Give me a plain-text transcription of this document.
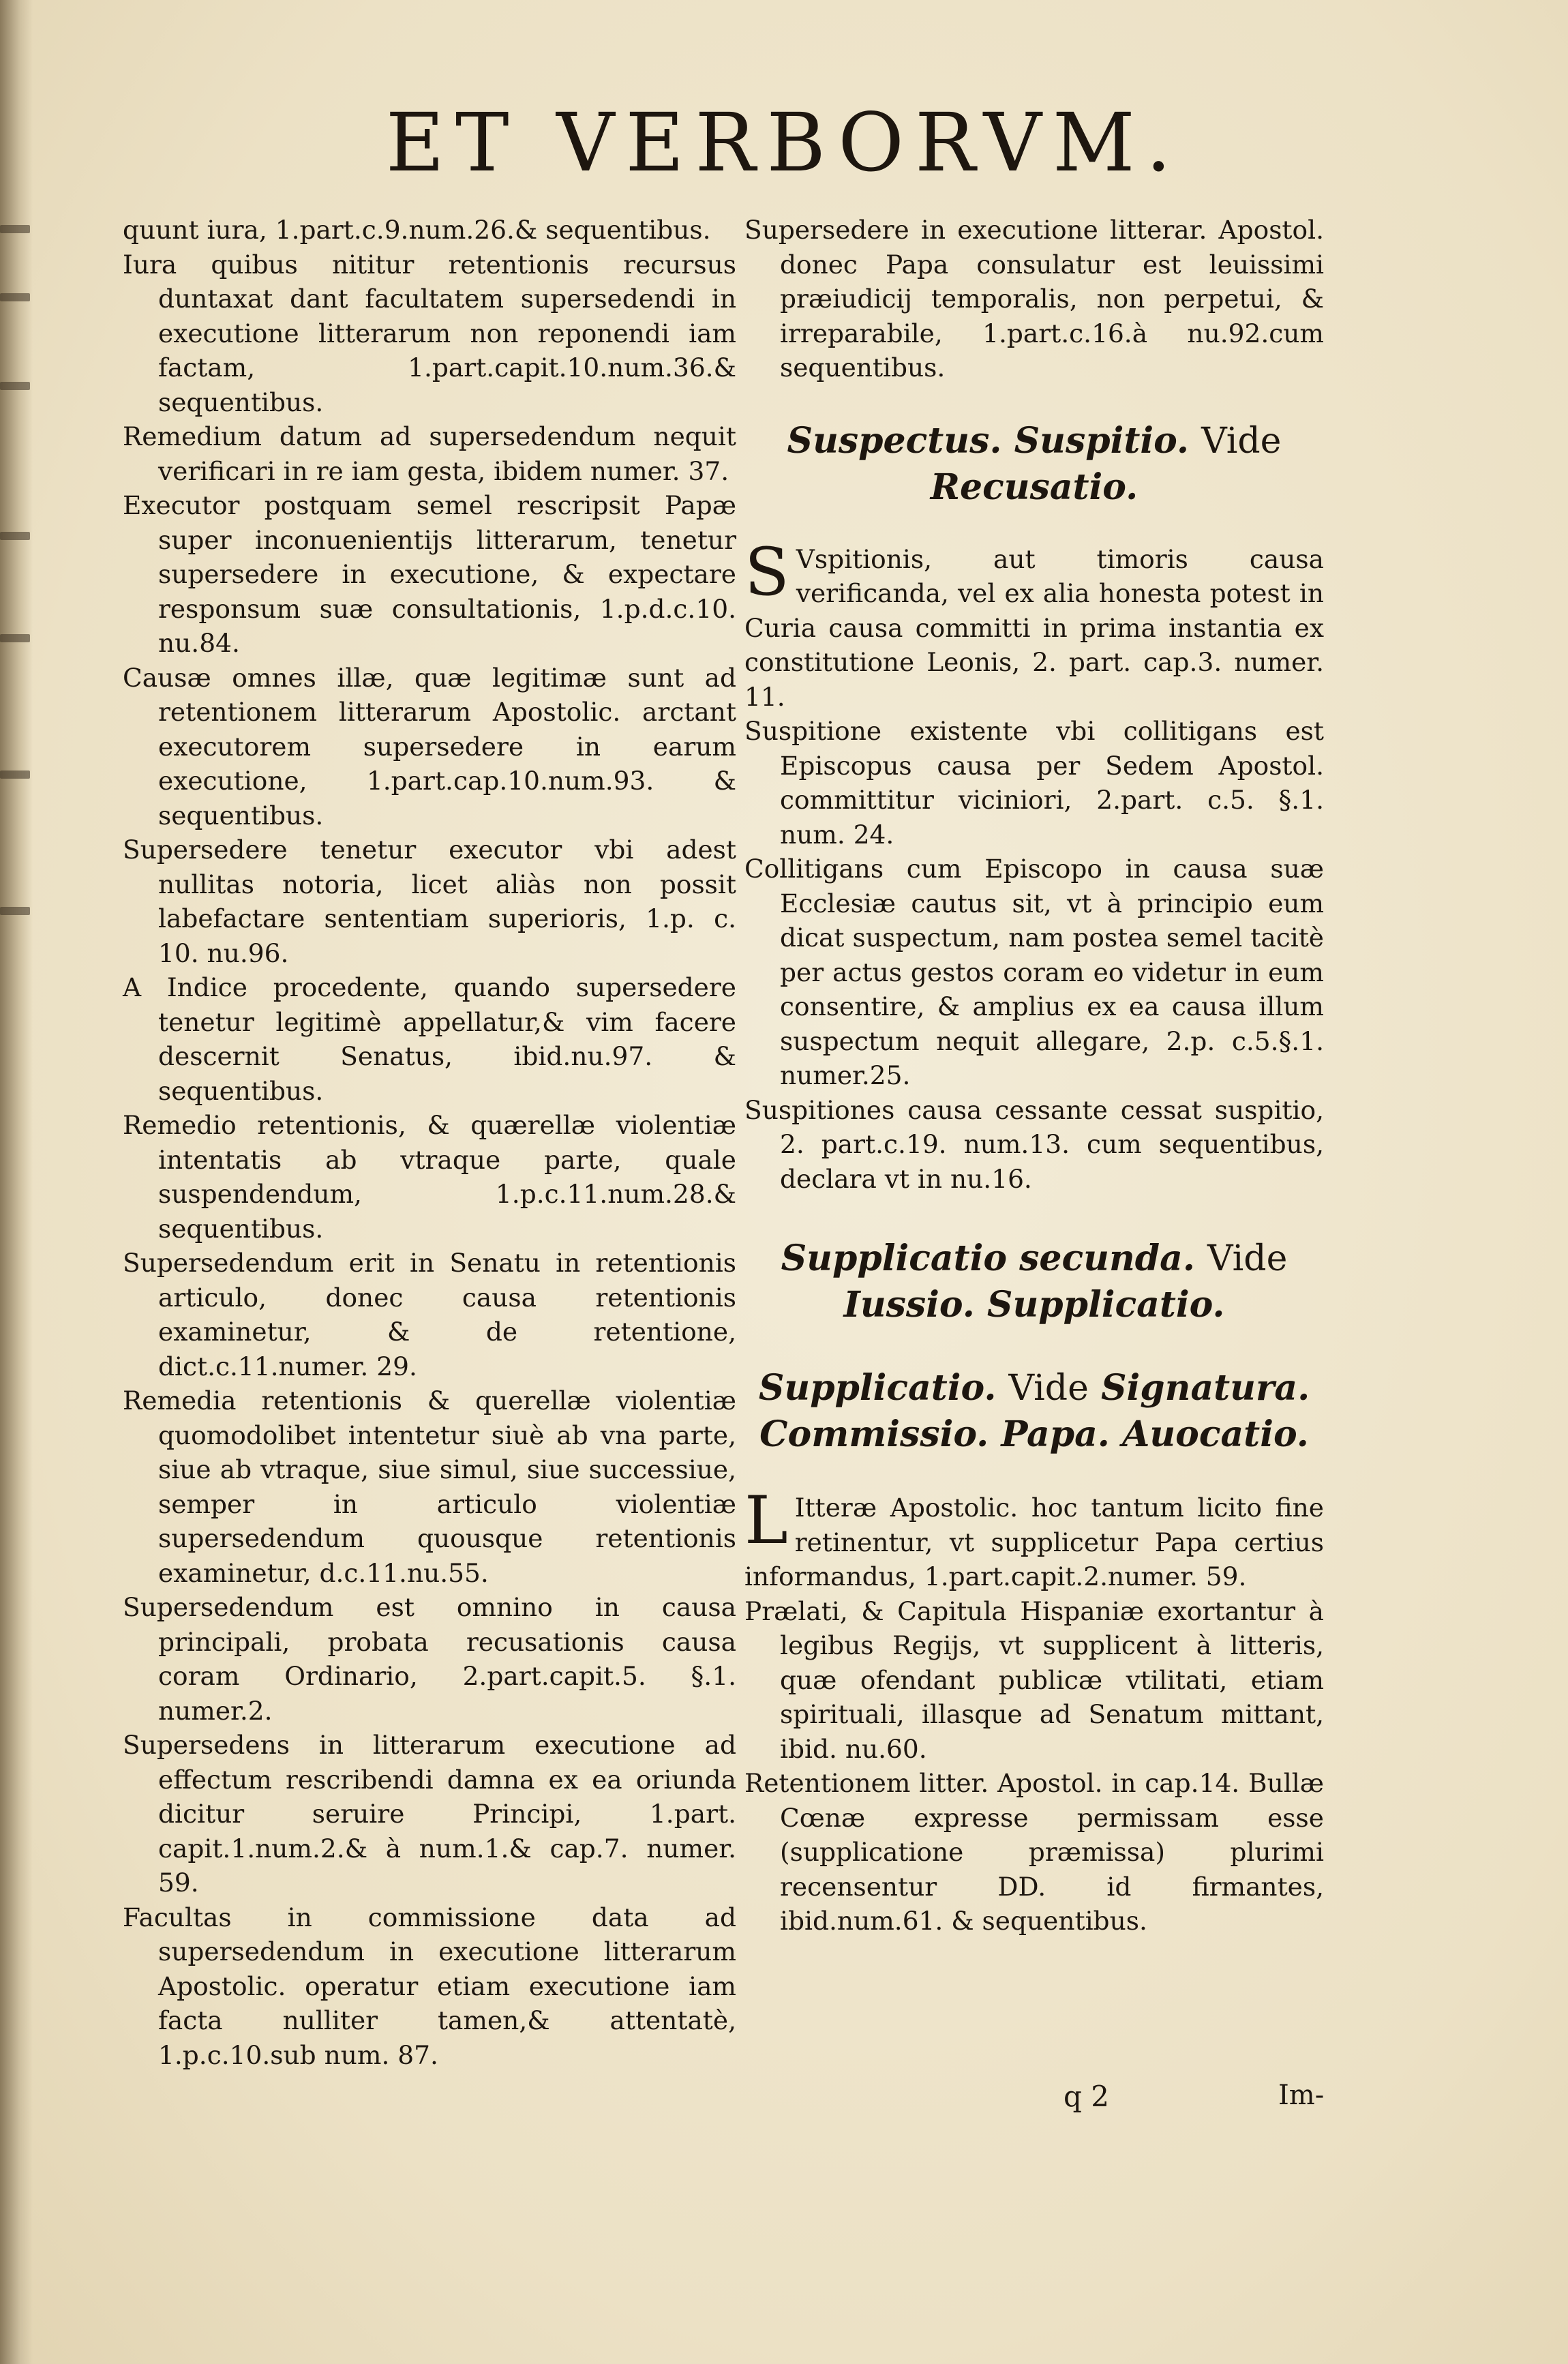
ET VERBORVM.

quunt iura, 1.part.c.9.num.26.& sequentibus.

Iura quibus nititur retentionis recursus duntaxat dant facultatem supersedendi in executione litterarum non reponendi iam factam, 1.part.capit.10.num.36.& sequentibus.

Remedium datum ad supersedendum nequit verificari in re iam gesta, ibidem numer. 37.

Executor postquam semel rescripsit Papæ super inconuenientijs litterarum, tenetur supersedere in executione, & expectare responsum suæ consultationis, 1.p.d.c.10. nu.84.

Causæ omnes illæ, quæ legitimæ sunt ad retentionem litterarum Apostolic. arctant executorem supersedere in earum executione, 1.part.cap.10.num.93. & sequentibus.

Supersedere tenetur executor vbi adest nullitas notoria, licet aliàs non possit labefactare sententiam superioris, 1.p. c. 10. nu.96.

A Indice procedente, quando supersedere tenetur legitimè appellatur,& vim facere descernit Senatus, ibid.nu.97. & sequentibus.

Remedio retentionis, & quærellæ violentiæ intentatis ab vtraque parte, quale suspendendum, 1.p.c.11.num.28.& sequentibus.

Supersedendum erit in Senatu in retentionis articulo, donec causa retentionis examinetur, & de retentione, dict.c.11.numer. 29.

Remedia retentionis & querellæ violentiæ quomodolibet intentetur siuè ab vna parte, siue ab vtraque, siue simul, siue successiue, semper in articulo violentiæ supersedendum quousque retentionis examinetur, d.c.11.nu.55.

Supersedendum est omnino in causa principali, probata recusationis causa coram Ordinario, 2.part.capit.5. §.1. numer.2.

Supersedens in litterarum executione ad effectum rescribendi damna ex ea oriunda dicitur seruire Principi, 1.part. capit.1.num.2.& à num.1.& cap.7. numer. 59.

Facultas in commissione data ad supersedendum in executione litterarum Apostolic. operatur etiam executione iam facta nulliter tamen,& attentatè, 1.p.c.10.sub num. 87.

Supersedere in executione litterar. Apostol. donec Papa consulatur est leuissimi præiudicij temporalis, non perpetui, & irreparabile, 1.part.c.16.à nu.92.cum sequentibus.

Suspectus. Suspitio. Vide
Recusatio.

S Vspitionis, aut timoris causa verificanda, vel ex alia honesta potest in Curia causa committi in prima instantia ex constitutione Leonis, 2. part. cap.3. numer. 11.

Suspitione existente vbi collitigans est Episcopus causa per Sedem Apostol. committitur viciniori, 2.part. c.5. §.1. num. 24.

Collitigans cum Episcopo in causa suæ Ecclesiæ cautus sit, vt à principio eum dicat suspectum, nam postea semel tacitè per actus gestos coram eo videtur in eum consentire, & amplius ex ea causa illum suspectum nequit allegare, 2.p. c.5.§.1. numer.25.

Suspitiones causa cessante cessat suspitio, 2. part.c.19. num.13. cum sequentibus, declara vt in nu.16.

Supplicatio secunda. Vide Iussio. Supplicatio.

Supplicatio. Vide Signatura. Commissio. Papa. Auocatio.

L Itteræ Apostolic. hoc tantum licito fine retinentur, vt supplicetur Papa certius informandus, 1.part.capit.2.numer. 59.

Prælati, & Capitula Hispaniæ exortantur à legibus Regijs, vt supplicent à litteris, quæ ofendant publicæ vtilitati, etiam spirituali, illasque ad Senatum mittant, ibid. nu.60.

Retentionem litter. Apostol. in cap.14. Bullæ Cœnæ expresse permissam esse (supplicatione præmissa) plurimi recensentur DD. id firmantes, ibid.num.61. & sequentibus.

q 2	Im-
